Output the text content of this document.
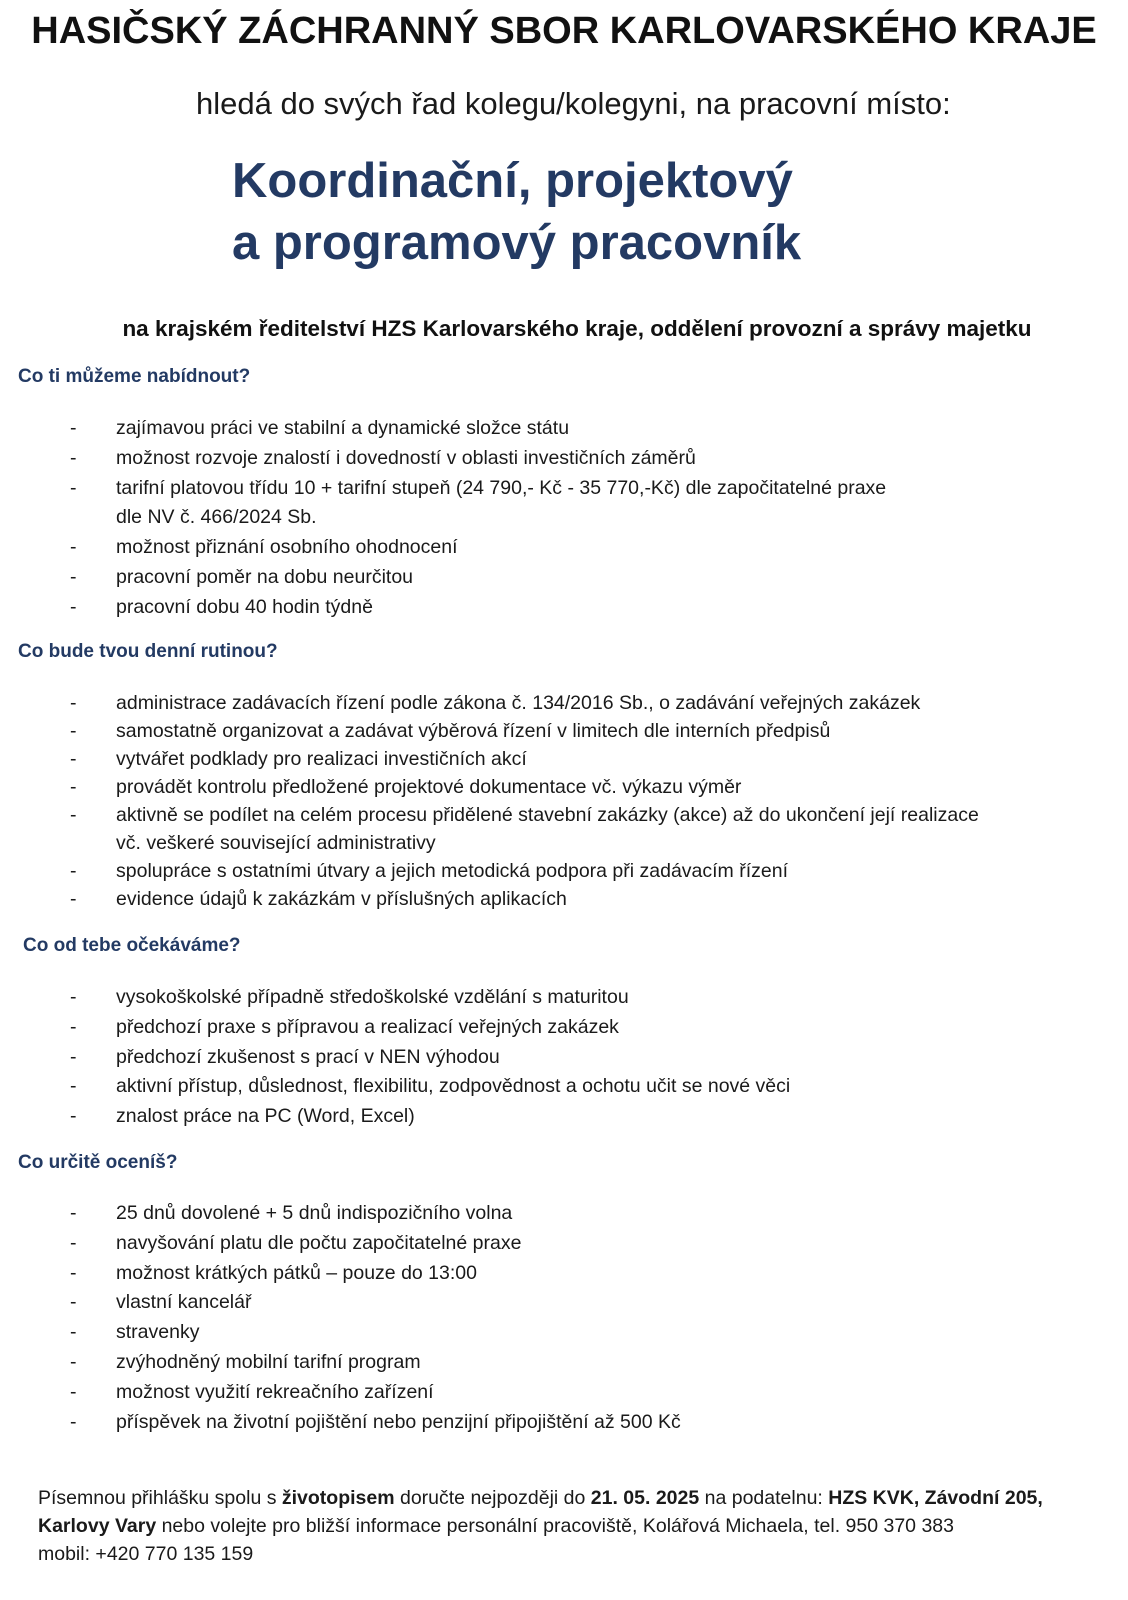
HASIČSKÝ ZÁCHRANNÝ SBOR KARLOVARSKÉHO KRAJE
hledá do svých řad kolegu/kolegyni, na pracovní místo:
Koordinační, projektový
a programový pracovník
na krajském ředitelství HZS Karlovarského kraje, oddělení provozní a správy majetku
Co ti můžeme nabídnout?
- zajímavou práci ve stabilní a dynamické složce státu
- možnost rozvoje znalostí i dovedností v oblasti investičních záměrů
- tarifní platovou třídu 10 + tarifní stupeň (24 790,- Kč - 35 770,-Kč) dle započitatelné praxe
dle NV č. 466/2024 Sb.
- možnost přiznání osobního ohodnocení
- pracovní poměr na dobu neurčitou
- pracovní dobu 40 hodin týdně
Co bude tvou denní rutinou?
- administrace zadávacích řízení podle zákona č. 134/2016 Sb., o zadávání veřejných zakázek
- samostatně organizovat a zadávat výběrová řízení v limitech dle interních předpisů
- vytvářet podklady pro realizaci investičních akcí
- provádět kontrolu předložené projektové dokumentace vč. výkazu výměr
- aktivně se podílet na celém procesu přidělené stavební zakázky (akce) až do ukončení její realizace
vč. veškeré související administrativy
- spolupráce s ostatními útvary a jejich metodická podpora při zadávacím řízení
- evidence údajů k zakázkám v příslušných aplikacích
Co od tebe očekáváme?
- vysokoškolské případně středoškolské vzdělání s maturitou
- předchozí praxe s přípravou a realizací veřejných zakázek
- předchozí zkušenost s prací v NEN výhodou
- aktivní přístup, důslednost, flexibilitu, zodpovědnost a ochotu učit se nové věci
- znalost práce na PC (Word, Excel)
Co určitě oceníš?
- 25 dnů dovolené + 5 dnů indispozičního volna
- navyšování platu dle počtu započitatelné praxe
- možnost krátkých pátků – pouze do 13:00
- vlastní kancelář
- stravenky
- zvýhodněný mobilní tarifní program
- možnost využití rekreačního zařízení
- příspěvek na životní pojištění nebo penzijní připojištění až 500 Kč
Písemnou přihlášku spolu s životopisem doručte nejpozději do 21. 05. 2025 na podatelnu: HZS KVK, Závodní 205,
Karlovy Vary nebo volejte pro bližší informace personální pracoviště, Kolářová Michaela, tel. 950 370 383
mobil: +420 770 135 159
